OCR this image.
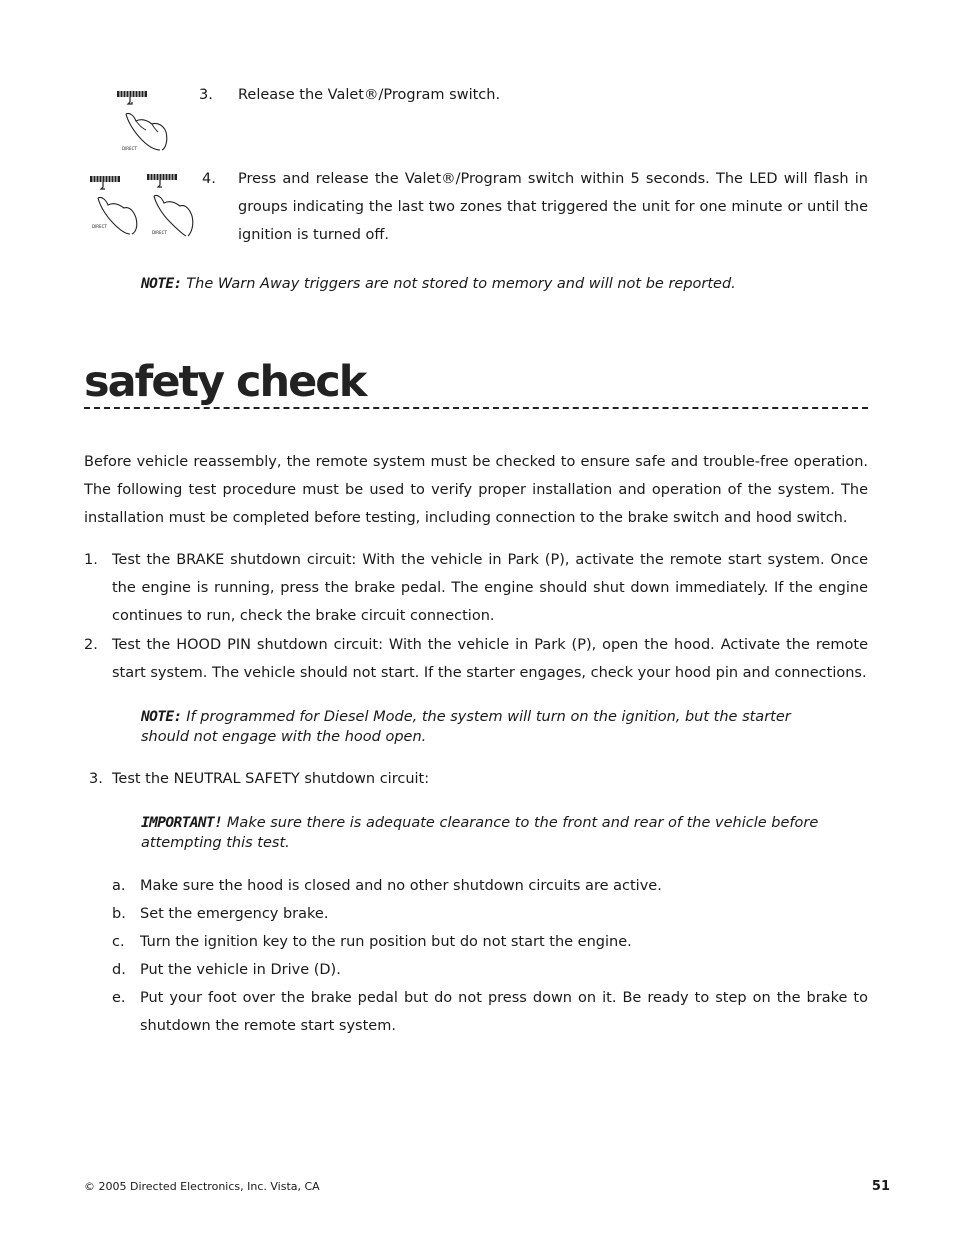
DIRECT
DIRECT
DIRECT
3. Release the Valet®/Program switch.
4. Press and release the Valet®/Program switch within 5 seconds. The LED will flash in groups indicating the last two zones that triggered the unit for one minute or until the ignition is turned off.
NOTE: The Warn Away triggers are not stored to memory and will not be reported.
safety check
Before vehicle reassembly, the remote system must be checked to ensure safe and trouble-free operation. The following test procedure must be used to verify proper installation and operation of the system. The installation must be completed before testing, including connection to the brake switch and hood switch.
1. Test the BRAKE shutdown circuit: With the vehicle in Park (P), activate the remote start system. Once the engine is running, press the brake pedal. The engine should shut down immediately. If the engine continues to run, check the brake circuit connection.
2. Test the HOOD PIN shutdown circuit: With the vehicle in Park (P), open the hood. Activate the remote start system. The vehicle should not start. If the starter engages, check your hood pin and connections.
NOTE: If programmed for Diesel Mode, the system will turn on the ignition, but the starter should not engage with the hood open.
3. Test the NEUTRAL SAFETY shutdown circuit:
IMPORTANT! Make sure there is adequate clearance to the front and rear of the vehicle before attempting this test.
a. Make sure the hood is closed and no other shutdown circuits are active.
b. Set the emergency brake.
c. Turn the ignition key to the run position but do not start the engine.
d. Put the vehicle in Drive (D).
e. Put your foot over the brake pedal but do not press down on it. Be ready to step on the brake to shutdown the remote start system.
© 2005 Directed Electronics, Inc. Vista, CA	51
